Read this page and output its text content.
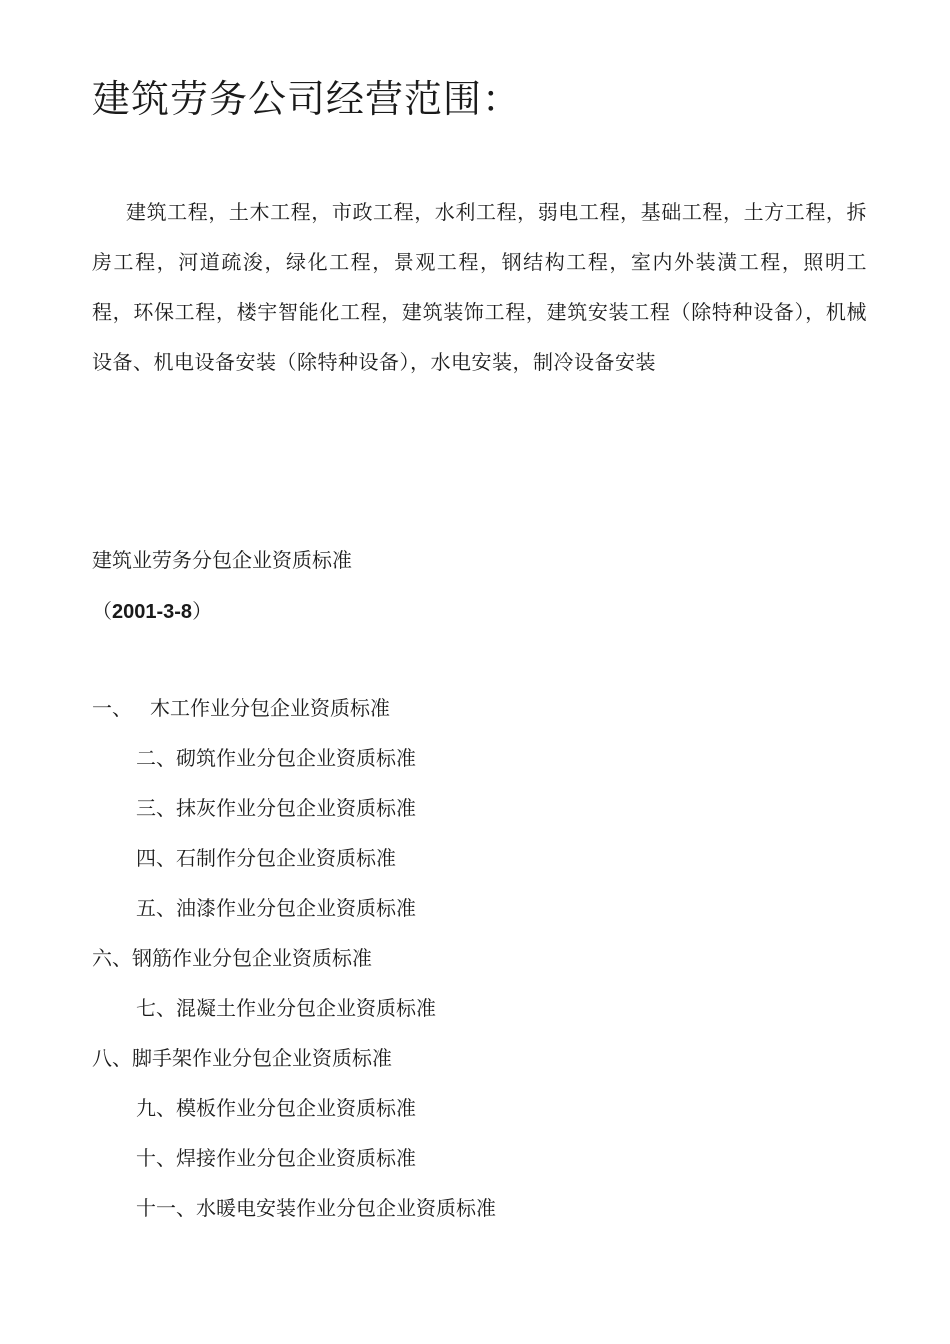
建筑劳务公司经营范围：

建筑工程，土木工程，市政工程，水利工程，弱电工程，基础工程，土方工程，拆房工程，河道疏浚，绿化工程，景观工程，钢结构工程，室内外装潢工程，照明工程，环保工程，楼宇智能化工程，建筑装饰工程，建筑安装工程（除特种设备），机械设备、机电设备安装（除特种设备），水电安装，制冷设备安装

建筑业劳务分包企业资质标准
（2001-3-8）
一、 木工作业分包企业资质标准
二、砌筑作业分包企业资质标准
三、抹灰作业分包企业资质标准
四、石制作分包企业资质标准
五、油漆作业分包企业资质标准
六、钢筋作业分包企业资质标准
七、混凝土作业分包企业资质标准
八、脚手架作业分包企业资质标准
九、模板作业分包企业资质标准
十、焊接作业分包企业资质标准
十一、水暖电安装作业分包企业资质标准
